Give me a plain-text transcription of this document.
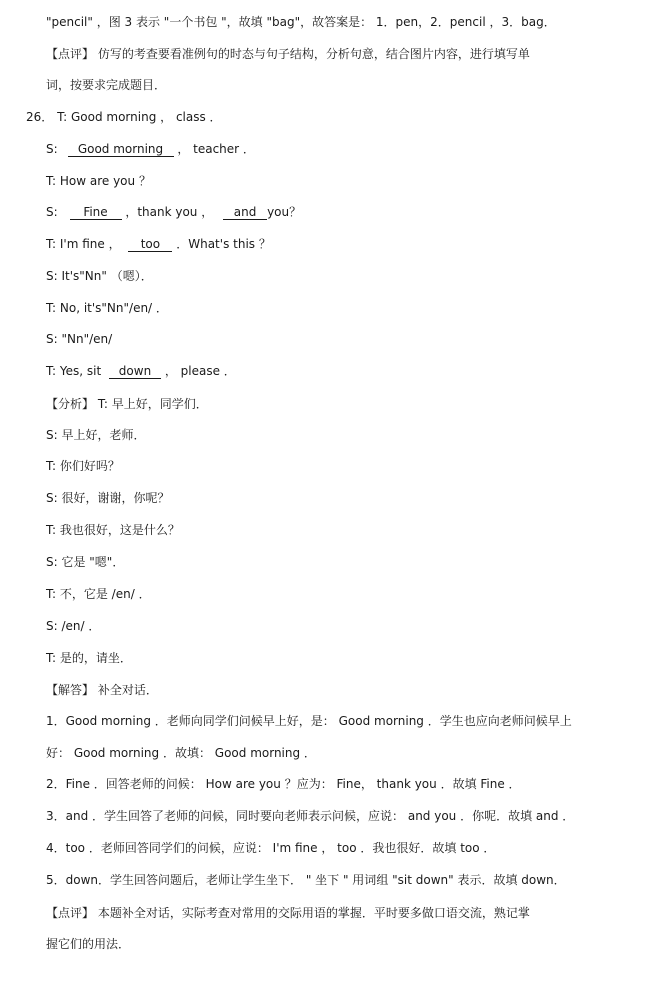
"pencil" ，图 3 表示 "一个书包 "，故填 "bag"，故答案是： 1．pen，2．pencil ，3．bag．
【点评】 仿写的考查要看准例句的时态与句子结构，分析句意，结合图片内容，进行填写单
词，按要求完成题目．
26． T: Good morning ， class ．
S: Good morning ， teacher ．
T: How are you ？
S: Fine ，thank you ， and you？
T: I'm fine ， too ．What's this ？
S: It's"Nn" （嗯）．
T: No, it's"Nn"/en/ ．
S: "Nn"/en/
T: Yes, sit down ， please ．
【分析】 T: 早上好，同学们．
S: 早上好，老师．
T: 你们好吗？
S: 很好，谢谢，你呢？
T: 我也很好，这是什么？
S: 它是 "嗯"．
T: 不，它是 /en/ ．
S: /en/ ．
T: 是的，请坐．
【解答】 补全对话．
1．Good morning ．老师向同学们问候早上好，是： Good morning ．学生也应向老师问候早上
好： Good morning ．故填： Good morning ．
2．Fine ．回答老师的问候： How are you ？应为： Fine， thank you ．故填 Fine ．
3．and ．学生回答了老师的问候，同时要向老师表示问候，应说： and you ．你呢．故填 and ．
4．too ．老师回答同学们的问候，应说： I'm fine ， too ．我也很好．故填 too ．
5．down．学生回答问题后，老师让学生坐下． " 坐下 " 用词组 "sit down" 表示．故填 down．
【点评】 本题补全对话，实际考查对常用的交际用语的掌握．平时要多做口语交流，熟记掌
握它们的用法．
